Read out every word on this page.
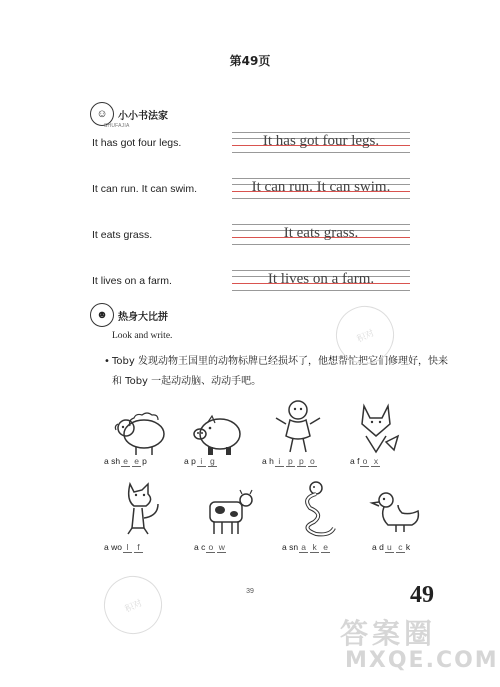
第49页
☺	小小书法家
SHUFAJIA
It has got four legs.	It has got four legs.
It can run. It can swim.	It can run. It can swim.
It eats grass.	It eats grass.
It lives on a farm.	It lives on a farm.
☻	热身大比拼
Look and write.
• Toby 发现动物王国里的动物标牌已经损坏了，他想帮忙把它们修理好，快来和 Toby 一起动动脑、动动手吧。
a sh e e p	a p i g	a h i p p o	a f o x
a wo l f	a c o w	a sn a k e	a d u c k
积对
积对	49
39
答案圈
MXQE.COM
